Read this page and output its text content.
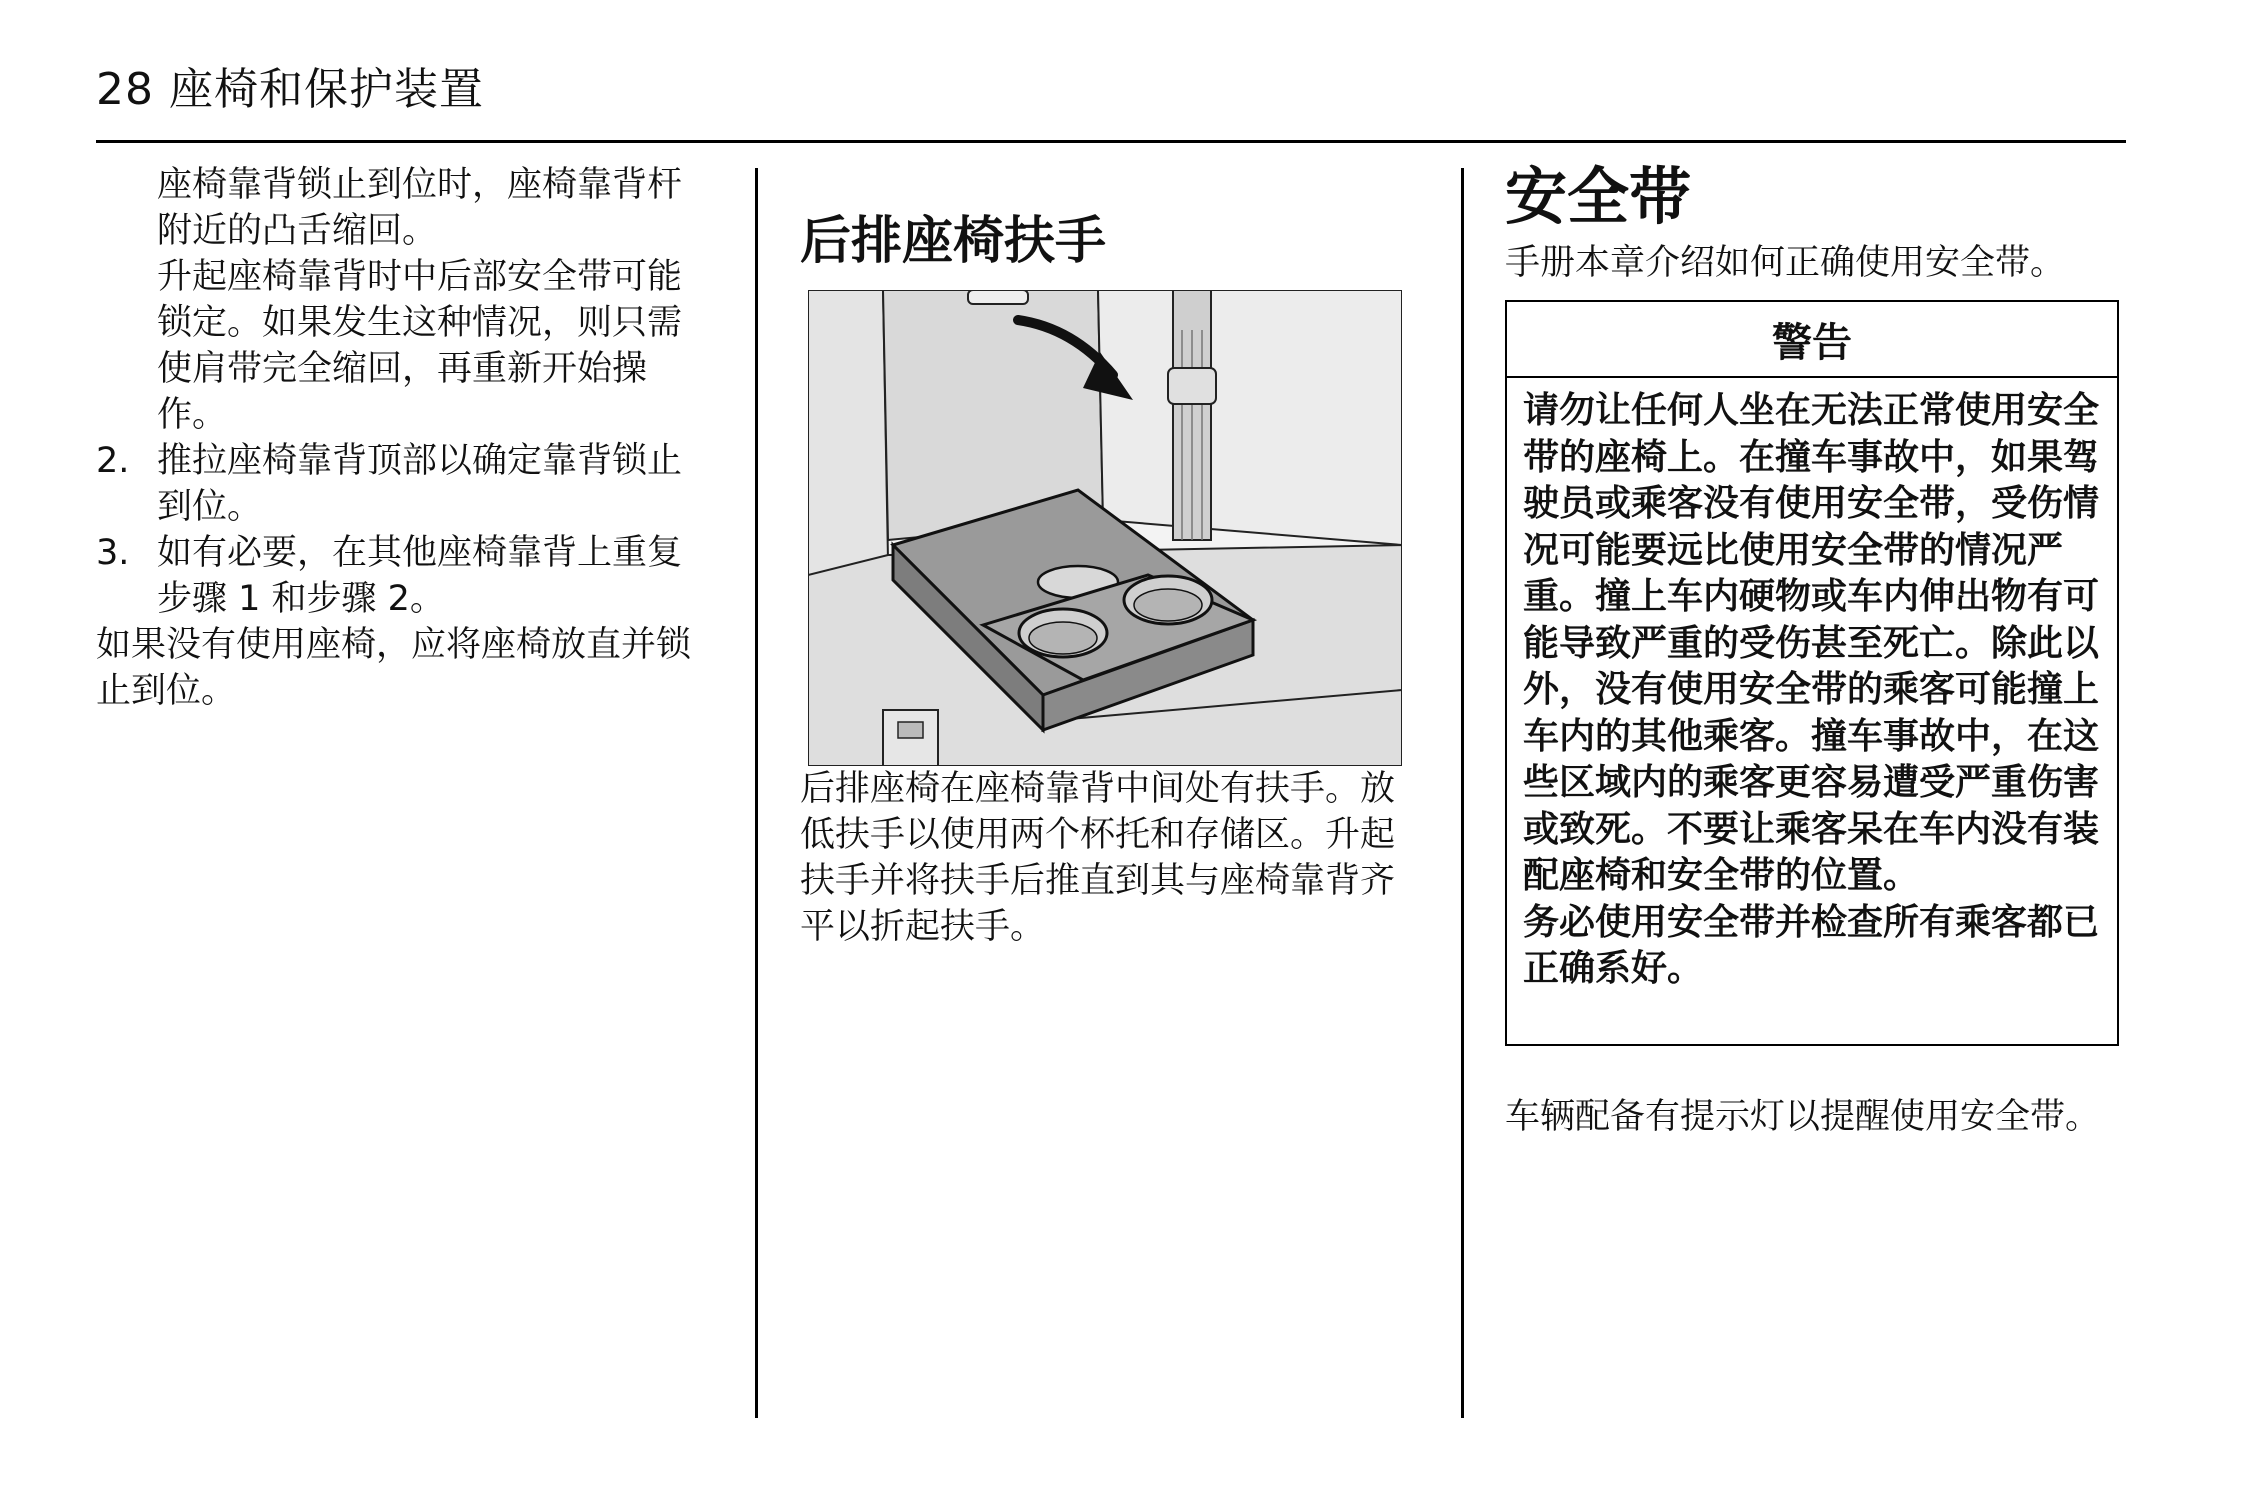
28 座椅和保护装置
座椅靠背锁止到位时，座椅靠背杆附近的凸舌缩回。
升起座椅靠背时中后部安全带可能锁定。如果发生这种情况，则只需使肩带完全缩回，再重新开始操作。
2. 推拉座椅靠背顶部以确定靠背锁止到位。
3. 如有必要，在其他座椅靠背上重复步骤 1 和步骤 2。
如果没有使用座椅，应将座椅放直并锁止到位。
后排座椅扶手
后排座椅在座椅靠背中间处有扶手。放低扶手以使用两个杯托和存储区。升起扶手并将扶手后推直到其与座椅靠背齐平以折起扶手。
安全带
手册本章介绍如何正确使用安全带。
警告
请勿让任何人坐在无法正常使用安全带的座椅上。在撞车事故中，如果驾驶员或乘客没有使用安全带，受伤情况可能要远比使用安全带的情况严重。撞上车内硬物或车内伸出物有可能导致严重的受伤甚至死亡。除此以外，没有使用安全带的乘客可能撞上车内的其他乘客。撞车事故中，在这些区域内的乘客更容易遭受严重伤害或致死。不要让乘客呆在车内没有装配座椅和安全带的位置。
务必使用安全带并检查所有乘客都已正确系好。
车辆配备有提示灯以提醒使用安全带。
